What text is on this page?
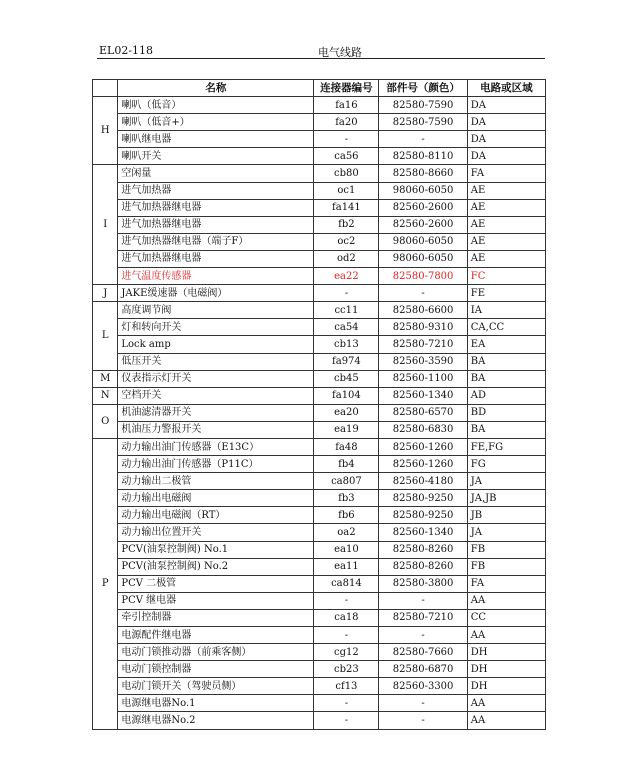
EL02-118	电气线路
	名称	连接器编号	部件号（颜色）	电路或区域
H	喇叭（低音）	fa16	82580-7590	DA
	喇叭（低音+）	fa20	82580-7590	DA
	喇叭继电器	-	-	DA
	喇叭开关	ca56	82580-8110	DA
I	空闲量	cb80	82580-8660	FA
	进气加热器	oc1	98060-6050	AE
	进气加热器继电器	fa141	82560-2600	AE
	进气加热器继电器	fb2	82560-2600	AE
	进气加热器继电器（端子F）	oc2	98060-6050	AE
	进气加热器继电器	od2	98060-6050	AE
	进气温度传感器	ea22	82580-7800	FC
J	JAKE缓速器（电磁阀）	-	-	FE
L	高度调节阀	cc11	82580-6600	IA
	灯和转向开关	ca54	82580-9310	CA,CC
	Lock amp	cb13	82580-7210	EA
	低压开关	fa974	82560-3590	BA
M	仪表指示灯开关	cb45	82560-1100	BA
N	空档开关	fa104	82560-1340	AD
O	机油滤清器开关	ea20	82580-6570	BD
	机油压力警报开关	ea19	82580-6830	BA
P	动力输出油门传感器（E13C）	fa48	82560-1260	FE,FG
	动力输出油门传感器（P11C）	fb4	82560-1260	FG
	动力输出二极管	ca807	82560-4180	JA
	动力输出电磁阀	fb3	82580-9250	JA,JB
	动力输出电磁阀（RT）	fb6	82580-9250	JB
	动力输出位置开关	oa2	82560-1340	JA
	PCV(油泵控制阀) No.1	ea10	82580-8260	FB
	PCV(油泵控制阀) No.2	ea11	82580-8260	FB
	PCV 二极管	ca814	82580-3800	FA
	PCV 继电器	-	-	AA
	牵引控制器	ca18	82580-7210	CC
	电源配件继电器	-	-	AA
	电动门锁推动器（前乘客侧）	cg12	82580-7660	DH
	电动门锁控制器	cb23	82580-6870	DH
	电动门锁开关（驾驶员侧）	cf13	82560-3300	DH
	电源继电器No.1	-	-	AA
	电源继电器No.2	-	-	AA
